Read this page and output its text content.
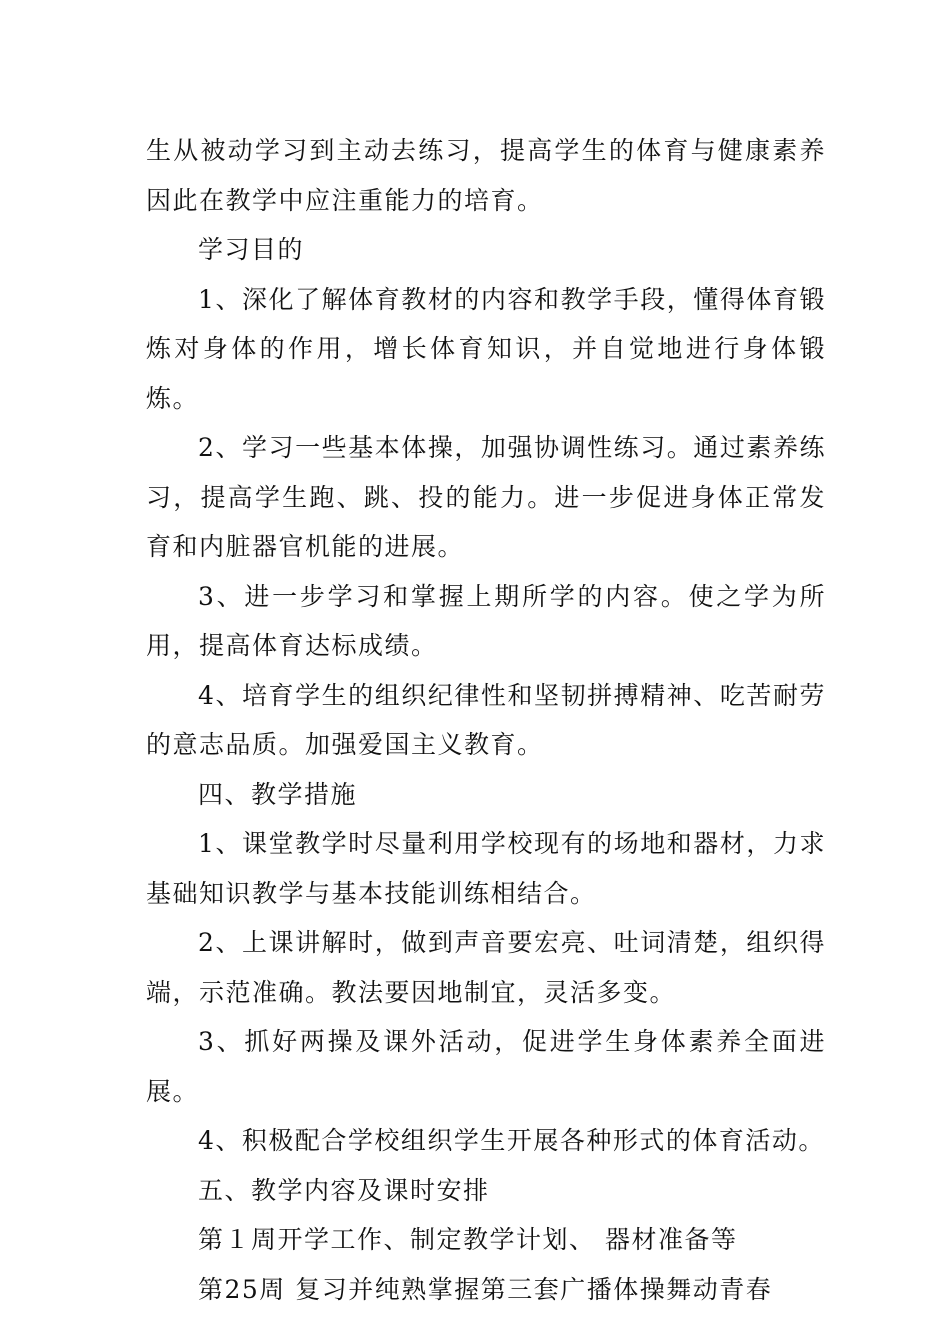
生从被动学习到主动去练习，提高学生的体育与健康素养因此在教学中应注重能力的培育。

学习目的

1、深化了解体育教材的内容和教学手段，懂得体育锻炼对身体的作用，增长体育知识，并自觉地进行身体锻炼。

2、学习一些基本体操，加强协调性练习。通过素养练习，提高学生跑、跳、投的能力。进一步促进身体正常发育和内脏器官机能的进展。

3、进一步学习和掌握上期所学的内容。使之学为所用，提高体育达标成绩。

4、培育学生的组织纪律性和坚韧拼搏精神、吃苦耐劳的意志品质。加强爱国主义教育。

四、教学措施

1、课堂教学时尽量利用学校现有的场地和器材，力求基础知识教学与基本技能训练相结合。

2、上课讲解时，做到声音要宏亮、吐词清楚，组织得端，示范准确。教法要因地制宜，灵活多变。

3、抓好两操及课外活动，促进学生身体素养全面进展。

4、积极配合学校组织学生开展各种形式的体育活动。

五、教学内容及课时安排

第１周开学工作、制定教学计划、 器材准备等

第25周 复习并纯熟掌握第三套广播体操舞动青春
